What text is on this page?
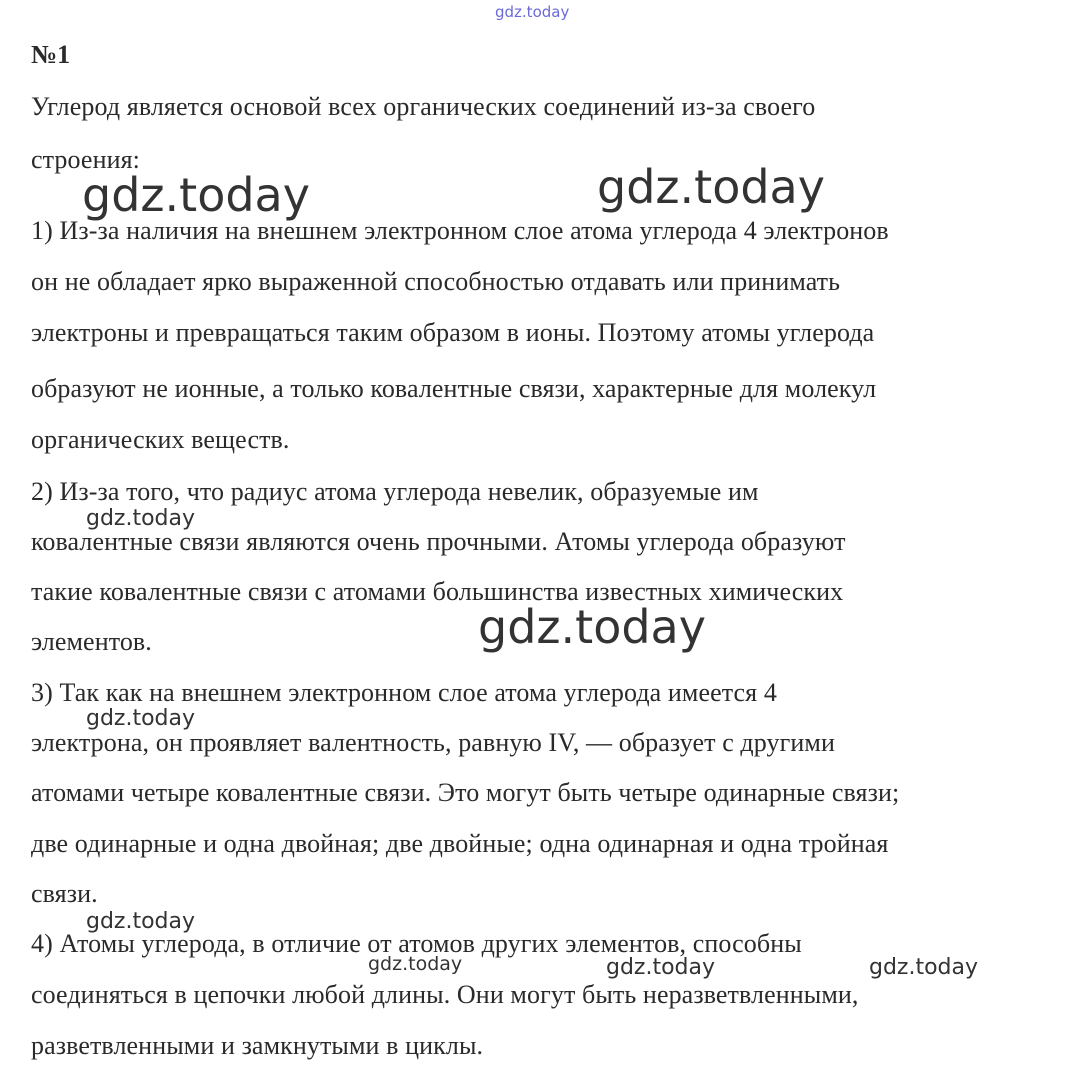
gdz.today
№1
Углерод является основой всех органических соединений из-за своего
строения:
1) Из-за наличия на внешнем электронном слое атома углерода 4 электронов
он не обладает ярко выраженной способностью отдавать или принимать
электроны и превращаться таким образом в ионы. Поэтому атомы углерода
образуют не ионные, а только ковалентные связи, характерные для молекул
органических веществ.
2) Из-за того, что радиус атома углерода невелик, образуемые им
ковалентные связи являются очень прочными. Атомы углерода образуют
такие ковалентные связи с атомами большинства известных химических
элементов.
3) Так как на внешнем электронном слое атома углерода имеется 4
электрона, он проявляет валентность, равную IV, — образует с другими
атомами четыре ковалентные связи. Это могут быть четыре одинарные связи;
две одинарные и одна двойная; две двойные; одна одинарная и одна тройная
связи.
4) Атомы углерода, в отличие от атомов других элементов, способны
соединяться в цепочки любой длины. Они могут быть неразветвленными,
разветвленными и замкнутыми в циклы.
gdz.today	gdz.today
gdz.today
gdz.today
gdz.today
gdz.today
gdz.today	gdz.today	gdz.today
